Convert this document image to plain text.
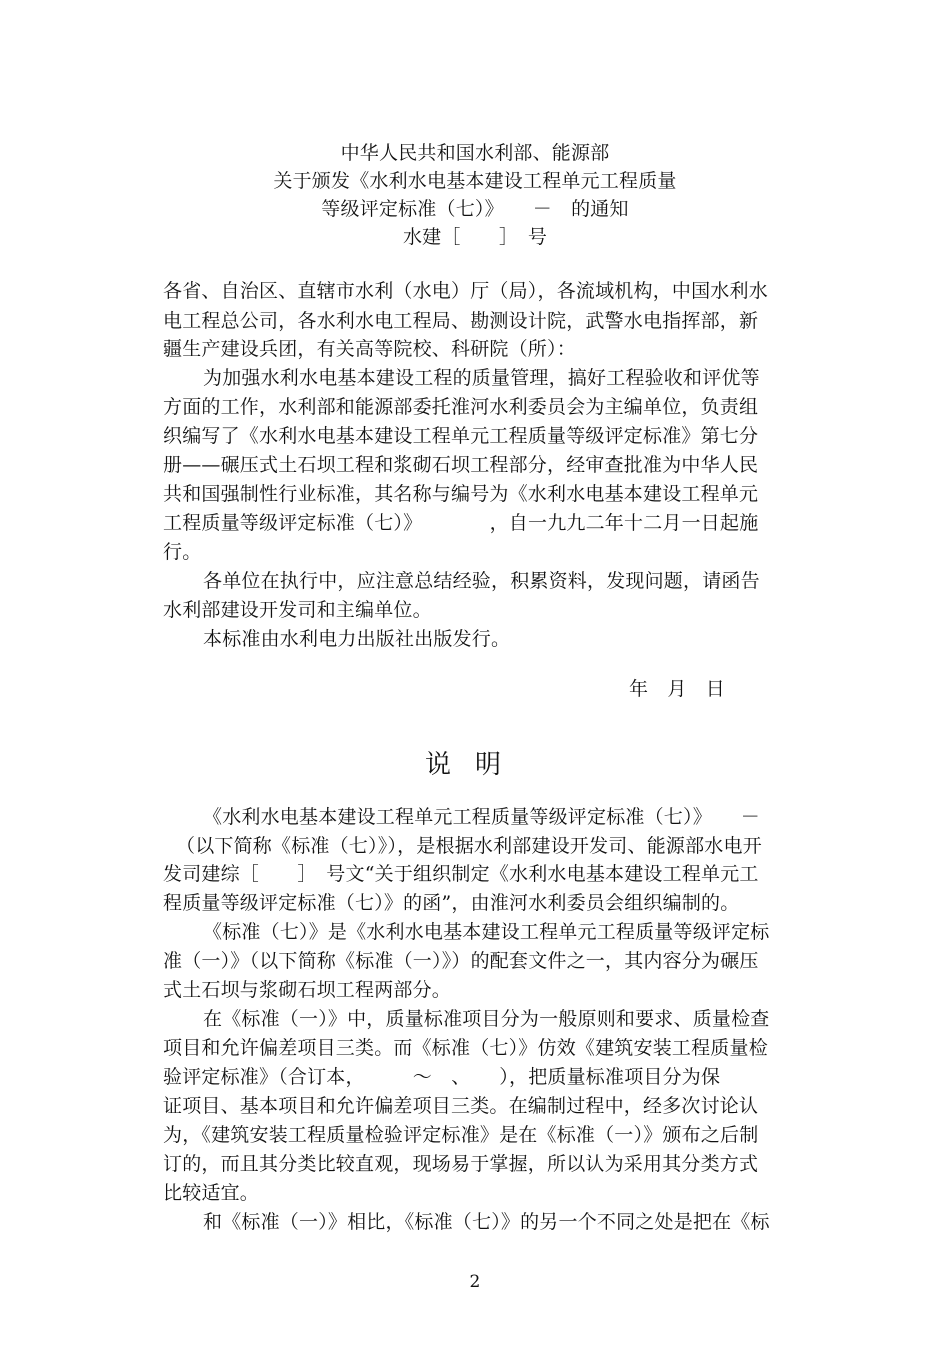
中华人民共和国水利部、能源部
关于颁发《水利水电基本建设工程单元工程质量
等级评定标准（七）》　　－　的通知
水建［　　］　号
各省、自治区、直辖市水利（水电）厅（局），各流域机构，中国水利水
电工程总公司，各水利水电工程局、勘测设计院，武警水电指挥部，新
疆生产建设兵团，有关高等院校、科研院（所）：
为加强水利水电基本建设工程的质量管理，搞好工程验收和评优等
方面的工作，水利部和能源部委托淮河水利委员会为主编单位，负责组
织编写了《水利水电基本建设工程单元工程质量等级评定标准》第七分
册——碾压式土石坝工程和浆砌石坝工程部分，经审查批准为中华人民
共和国强制性行业标准，其名称与编号为《水利水电基本建设工程单元
工程质量等级评定标准（七）》　　　　，自一九九二年十二月一日起施
行。
各单位在执行中，应注意总结经验，积累资料，发现问题，请函告
水利部建设开发司和主编单位。
本标准由水利电力出版社出版发行。
年　月　日
说明
《水利水电基本建设工程单元工程质量等级评定标准（七）》　　－
（以下简称《标准（七）》），是根据水利部建设开发司、能源部水电开
发司建综［　　］　号文“关于组织制定《水利水电基本建设工程单元工
程质量等级评定标准（七）》的函”，由淮河水利委员会组织编制的。
《标准（七）》是《水利水电基本建设工程单元工程质量等级评定标
准（一）》（以下简称《标准（一）》）的配套文件之一，其内容分为碾压
式土石坝与浆砌石坝工程两部分。
在《标准（一）》中，质量标准项目分为一般原则和要求、质量检查
项目和允许偏差项目三类。而《标准（七）》仿效《建筑安装工程质量检
验评定标准》（合订本，　　　～　、　　），把质量标准项目分为保
证项目、基本项目和允许偏差项目三类。在编制过程中，经多次讨论认
为，《建筑安装工程质量检验评定标准》是在《标准（一）》颁布之后制
订的，而且其分类比较直观，现场易于掌握，所以认为采用其分类方式
比较适宜。
和《标准（一）》相比，《标准（七）》的另一个不同之处是把在《标
2
